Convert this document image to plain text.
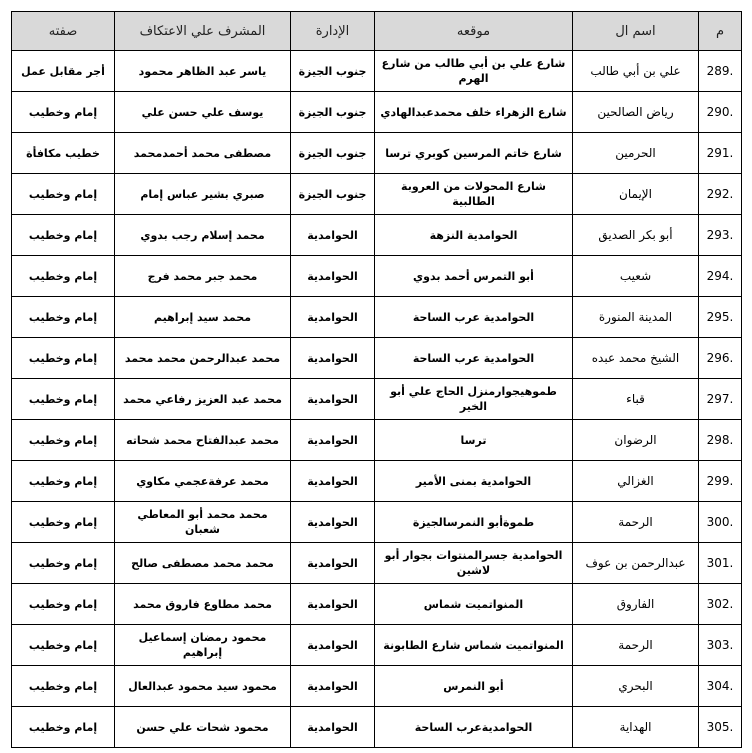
م	اسم ال	موقعه	الإدارة	المشرف علي الاعتكاف	صفته
289.	علي بن أبي طالب	شارع علي بن أبي طالب من شارع الهرم	جنوب الجيزة	ياسر عبد الظاهر محمود	أجر مقابل عمل
290.	رياض الصالحين	شارع الزهراء خلف محمدعبدالهادي	جنوب الجيزة	يوسف علي حسن علي	إمام وخطيب
291.	الحرمين	شارع خاتم المرسين كوبري ترسا	جنوب الجيزة	مصطفى محمد أحمدمحمد	خطيب مكافأة
292.	الإيمان	شارع المحولات من العروبة الطالبية	جنوب الجيزة	صبري بشير عباس إمام	إمام وخطيب
293.	أبو بكر الصديق	الحوامدية النزهة	الحوامدية	محمد إسلام رجب بدوي	إمام وخطيب
294.	شعيب	أبو التمرس أحمد بدوي	الحوامدية	محمد جبر محمد فرج	إمام وخطيب
295.	المدينة المنورة	الحوامدية عرب الساحة	الحوامدية	محمد سيد إبراهيم	إمام وخطيب
296.	الشيخ محمد عبده	الحوامدية عرب الساحة	الحوامدية	محمد عبدالرحمن محمد محمد	إمام وخطيب
297.	قباء	طموهيجوارمنزل الحاج علي أبو الخير	الحوامدية	محمد عبد العزيز رفاعي محمد	إمام وخطيب
298.	الرضوان	ترسا	الحوامدية	محمد عبدالفتاح محمد شحاته	إمام وخطيب
299.	الغزالي	الحوامدية بمنى الأمير	الحوامدية	محمد عرفةعجمي مكاوي	إمام وخطيب
300.	الرحمة	طموةأبو النمرسالجيزة	الحوامدية	محمد محمد أبو المعاطي شعبان	إمام وخطيب
301.	عبدالرحمن بن عوف	الحوامدية جسرالمنتوات بجوار أبو لاشين	الحوامدية	محمد محمد مصطفى صالح	إمام وخطيب
302.	الفاروق	المنواتميت شماس	الحوامدية	محمد مطاوع فاروق محمد	إمام وخطيب
303.	الرحمة	المنواتميت شماس شارع الطابونة	الحوامدية	محمود رمضان إسماعيل إبراهيم	إمام وخطيب
304.	البحري	أبو النمرس	الحوامدية	محمود سيد محمود عبدالعال	إمام وخطيب
305.	الهداية	الحوامديةعرب الساحة	الحوامدية	محمود شحات علي حسن	إمام وخطيب
